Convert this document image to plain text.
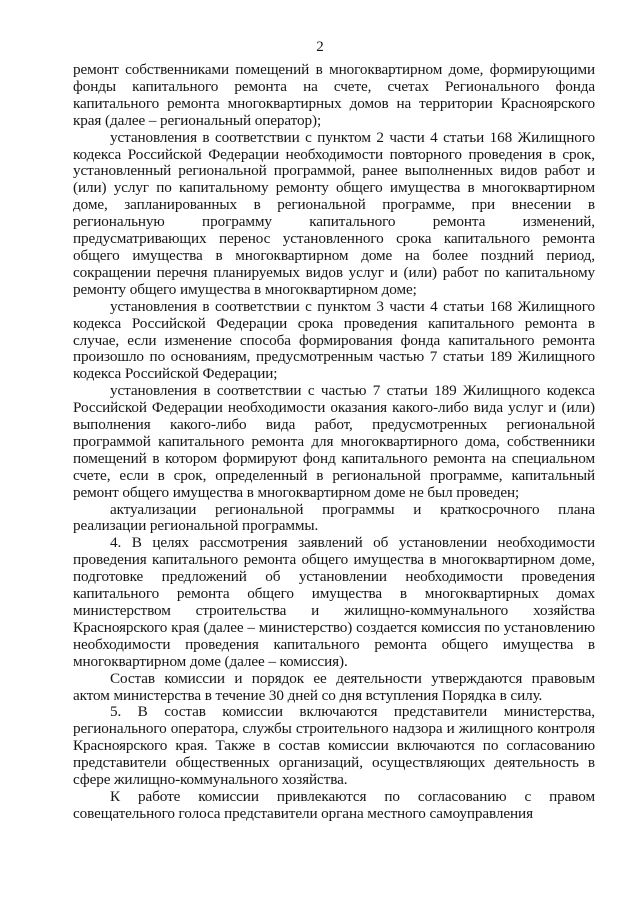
2

ремонт собственниками помещений в многоквартирном доме, формирующими фонды капитального ремонта на счете, счетах Регионального фонда капитального ремонта многоквартирных домов на территории Красноярского края (далее – региональный оператор);

установления в соответствии с пунктом 2 части 4 статьи 168 Жилищного кодекса Российской Федерации необходимости повторного проведения в срок, установленный региональной программой, ранее выполненных видов работ и (или) услуг по капитальному ремонту общего имущества в многоквартирном доме, запланированных в региональной программе, при внесении в региональную программу капитального ремонта изменений, предусматривающих перенос установленного срока капитального ремонта общего имущества в многоквартирном доме на более поздний период, сокращении перечня планируемых видов услуг и (или) работ по капитальному ремонту общего имущества в многоквартирном доме;

установления в соответствии с пунктом 3 части 4 статьи 168 Жилищного кодекса Российской Федерации срока проведения капитального ремонта в случае, если изменение способа формирования фонда капитального ремонта произошло по основаниям, предусмотренным частью 7 статьи 189 Жилищного кодекса Российской Федерации;

установления в соответствии с частью 7 статьи 189 Жилищного кодекса Российской Федерации необходимости оказания какого-либо вида услуг и (или) выполнения какого-либо вида работ, предусмотренных региональной программой капитального ремонта для многоквартирного дома, собственники помещений в котором формируют фонд капитального ремонта на специальном счете, если в срок, определенный в региональной программе, капитальный ремонт общего имущества в многоквартирном доме не был проведен;

актуализации региональной программы и краткосрочного плана реализации региональной программы.

4. В целях рассмотрения заявлений об установлении необходимости проведения капитального ремонта общего имущества в многоквартирном доме, подготовке предложений об установлении необходимости проведения капитального ремонта общего имущества в многоквартирных домах министерством строительства и жилищно-коммунального хозяйства Красноярского края (далее – министерство) создается комиссия по установлению необходимости проведения капитального ремонта общего имущества в многоквартирном доме (далее – комиссия).

Состав комиссии и порядок ее деятельности утверждаются правовым актом министерства в течение 30 дней со дня вступления Порядка в силу.

5. В состав комиссии включаются представители министерства, регионального оператора, службы строительного надзора и жилищного контроля Красноярского края. Также в состав комиссии включаются по согласованию представители общественных организаций, осуществляющих деятельность в сфере жилищно-коммунального хозяйства.

К работе комиссии привлекаются по согласованию с правом совещательного голоса представители органа местного самоуправления
